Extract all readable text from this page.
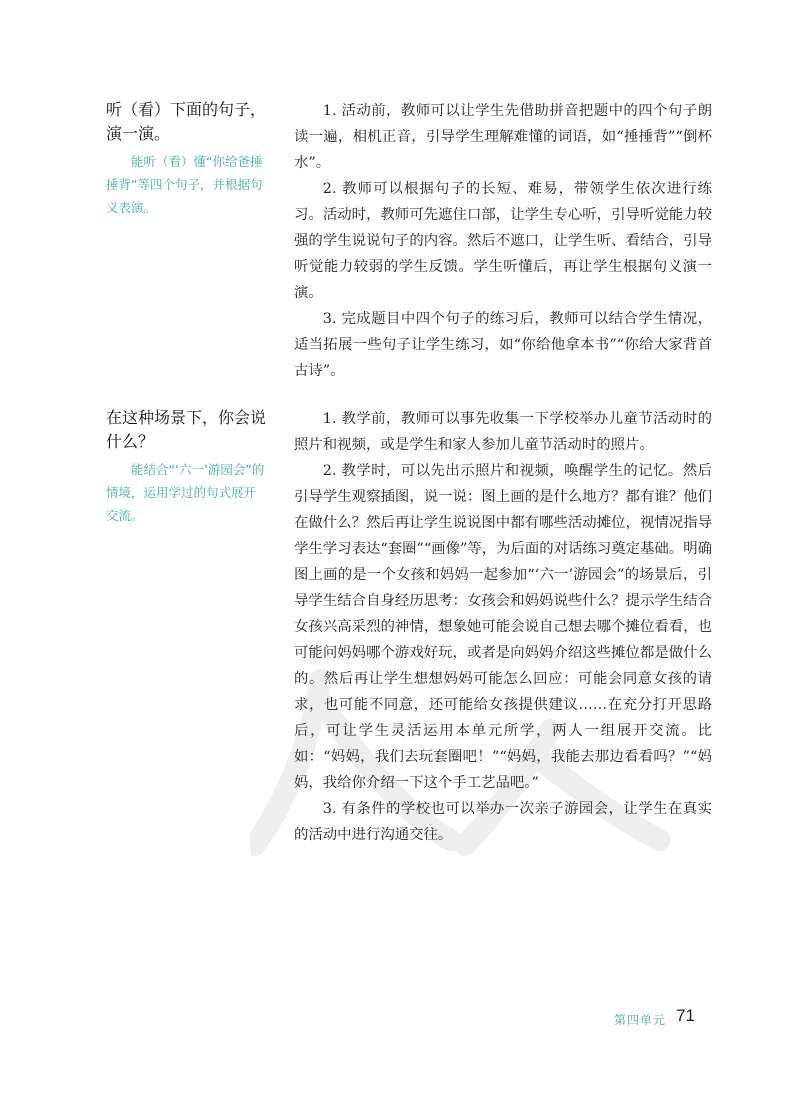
听（看）下面的句子，演一演。

能听（看）懂“你给爸捶捶背”等四个句子，并根据句义表演。

1. 活动前，教师可以让学生先借助拼音把题中的四个句子朗读一遍，相机正音，引导学生理解难懂的词语，如“捶捶背”“倒杯水”。

2. 教师可以根据句子的长短、难易，带领学生依次进行练习。活动时，教师可先遮住口部，让学生专心听，引导听觉能力较强的学生说说句子的内容。然后不遮口，让学生听、看结合，引导听觉能力较弱的学生反馈。学生听懂后，再让学生根据句义演一演。

3. 完成题目中四个句子的练习后，教师可以结合学生情况，适当拓展一些句子让学生练习，如“你给他拿本书”“你给大家背首古诗”。

在这种场景下，你会说什么？

能结合“‘六一’游园会”的情境，运用学过的句式展开交流。

1. 教学前，教师可以事先收集一下学校举办儿童节活动时的照片和视频，或是学生和家人参加儿童节活动时的照片。

2. 教学时，可以先出示照片和视频，唤醒学生的记忆。然后引导学生观察插图，说一说：图上画的是什么地方？都有谁？他们在做什么？然后再让学生说说图中都有哪些活动摊位，视情况指导学生学习表达“套圈”“画像”等，为后面的对话练习奠定基础。明确图上画的是一个女孩和妈妈一起参加“‘六一’游园会”的场景后，引导学生结合自身经历思考：女孩会和妈妈说些什么？提示学生结合女孩兴高采烈的神情，想象她可能会说自己想去哪个摊位看看，也可能问妈妈哪个游戏好玩，或者是向妈妈介绍这些摊位都是做什么的。然后再让学生想想妈妈可能怎么回应：可能会同意女孩的请求，也可能不同意，还可能给女孩提供建议……在充分打开思路后，可让学生灵活运用本单元所学，两人一组展开交流。比如：“妈妈，我们去玩套圈吧！”“妈妈，我能去那边看看吗？”“妈妈，我给你介绍一下这个手工艺品吧。”

3. 有条件的学校也可以举办一次亲子游园会，让学生在真实的活动中进行沟通交往。

第四单元 71
